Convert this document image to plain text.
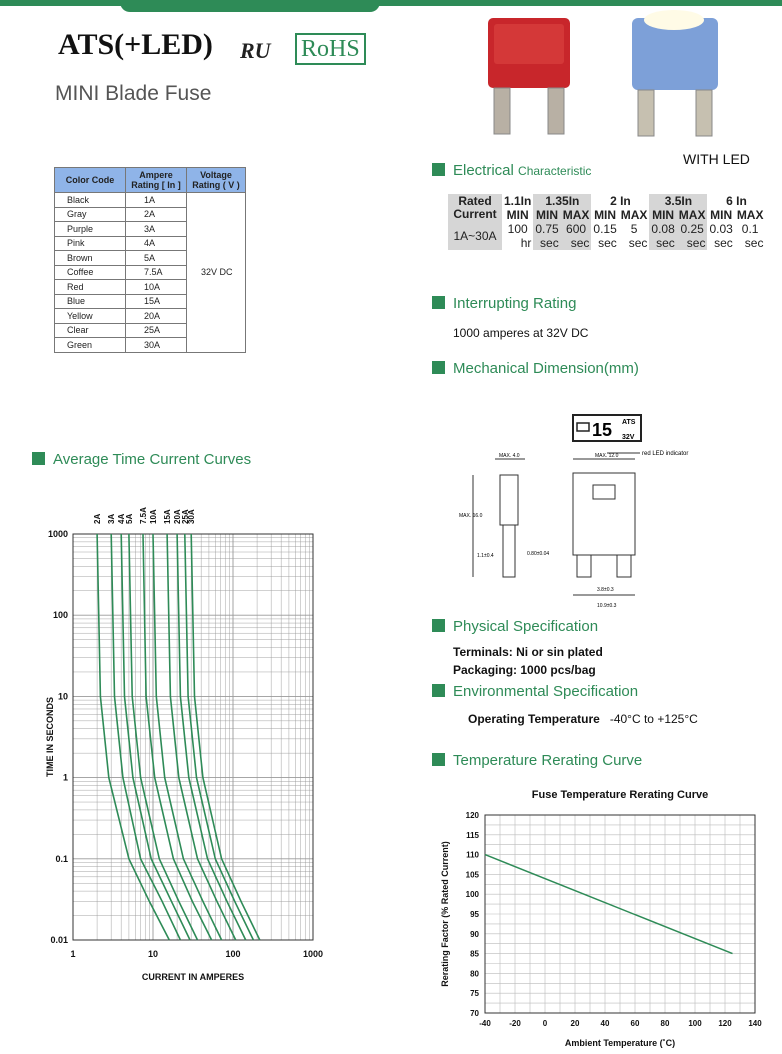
ATS(+LED) RU RoHS
MINI Blade Fuse
WITH LED
Color Code	Ampere Rating [ In ]	Voltage Rating ( V )
Black	1A	32V DC
Gray	2A	
Purple	3A	
Pink	4A	
Brown	5A	
Coffee	7.5A	
Red	10A	
Blue	15A	
Yellow	20A	
Clear	25A	
Green	30A	
Electrical Characteristic
Rated Current	1.1In	1.35In		2 In		3.5In		6 In	
	MIN	MIN	MAX	MIN	MAX	MIN	MAX	MIN	MAX
1A~30A	100	0.75	600	0.15	5	0.08	0.25	0.03	0.1
	hr	sec	sec	sec	sec	sec	sec	sec	sec
Interrupting Rating
1000 amperes at 32V DC
Mechanical Dimension(mm)
15 ATS
32V
MAX. 4.0
MAX. 16.0
MAX. 12.0
0.80±0.04
1.1±0.4
3.8±0.3
10.9±0.3
red LED indicator
Physical Specification
Terminals: Ni or sin plated
Packaging: 1000 pcs/bag
Environmental Specification
Operating Temperature -40°C to +125°C
Temperature Rerating Curve
Average Time Current Curves
2A 3A 4A
5A 7.5A 10A 15A 20A
25A
30A
1	10	100	1000
1000
100
10
1
0.1
0.01
CURRENT IN AMPERES
TIME IN SECONDS
-40 -20	0	20	40	60	80 100 120 140
120
115
110
105
100
95
90
85
80
75
70
Ambient Temperature (˚C)
Fuse Temperature Rerating Curve
Rerating Factor (% Rated Current)
